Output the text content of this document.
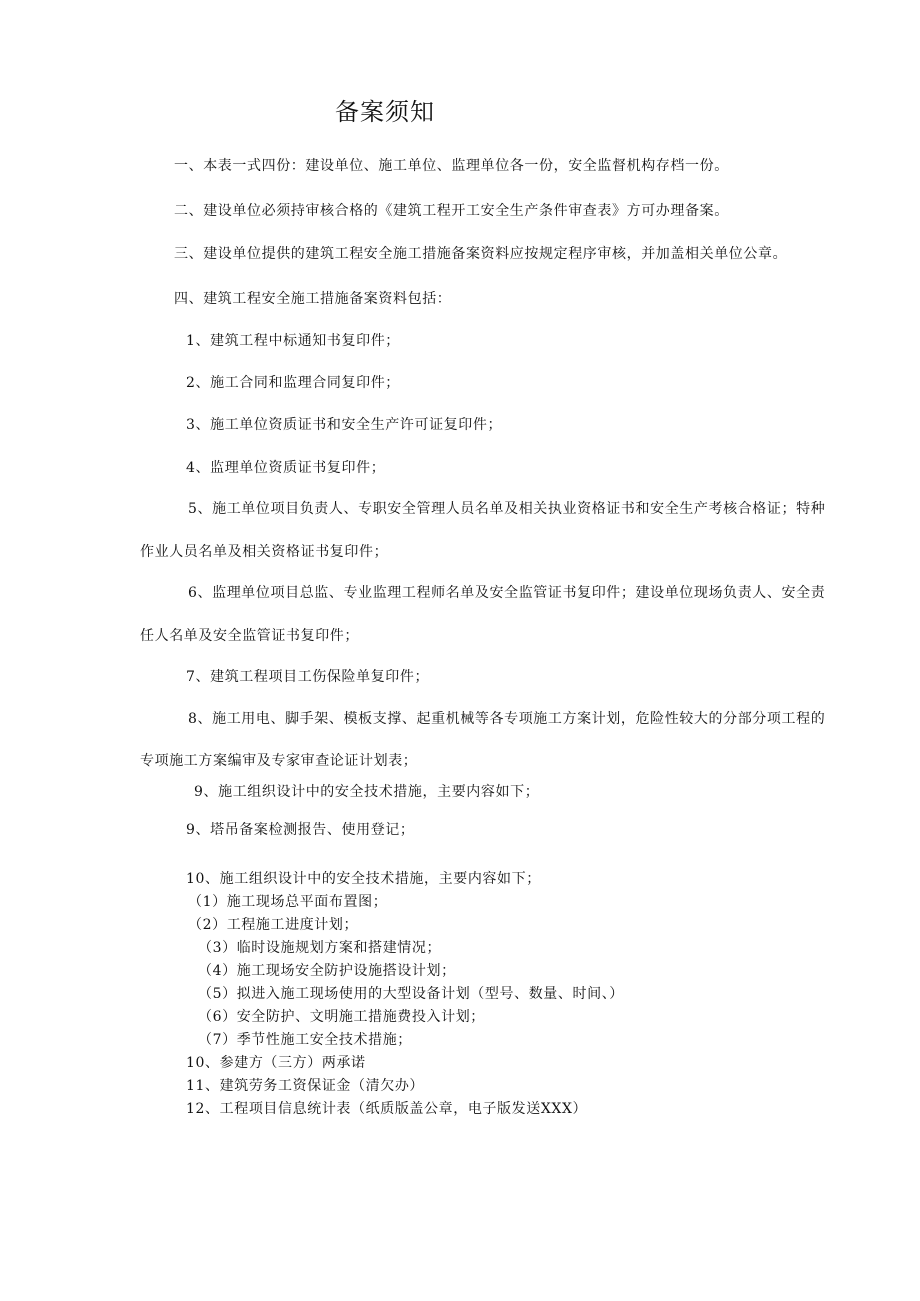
备案须知
一、本表一式四份：建设单位、施工单位、监理单位各一份，安全监督机构存档一份。
二、建设单位必须持审核合格的《建筑工程开工安全生产条件审查表》方可办理备案。
三、建设单位提供的建筑工程安全施工措施备案资料应按规定程序审核，并加盖相关单位公章。
四、建筑工程安全施工措施备案资料包括：
1、建筑工程中标通知书复印件；
2、施工合同和监理合同复印件；
3、施工单位资质证书和安全生产许可证复印件；
4、监理单位资质证书复印件；
5、施工单位项目负责人、专职安全管理人员名单及相关执业资格证书和安全生产考核合格证；特种
作业人员名单及相关资格证书复印件；
6、监理单位项目总监、专业监理工程师名单及安全监管证书复印件；建设单位现场负责人、安全责
任人名单及安全监管证书复印件；
7、建筑工程项目工伤保险单复印件；
8、施工用电、脚手架、模板支撑、起重机械等各专项施工方案计划，危险性较大的分部分项工程的
专项施工方案编审及专家审查论证计划表；
9、施工组织设计中的安全技术措施，主要内容如下；
9、塔吊备案检测报告、使用登记；
10、施工组织设计中的安全技术措施，主要内容如下；
（1）施工现场总平面布置图；
（2）工程施工进度计划；
（3）临时设施规划方案和搭建情况；
（4）施工现场安全防护设施搭设计划；
（5）拟进入施工现场使用的大型设备计划（型号、数量、时间、）
（6）安全防护、文明施工措施费投入计划；
（7）季节性施工安全技术措施；
10、参建方（三方）两承诺
11、建筑劳务工资保证金（清欠办）
12、工程项目信息统计表（纸质版盖公章，电子版发送XXX）
